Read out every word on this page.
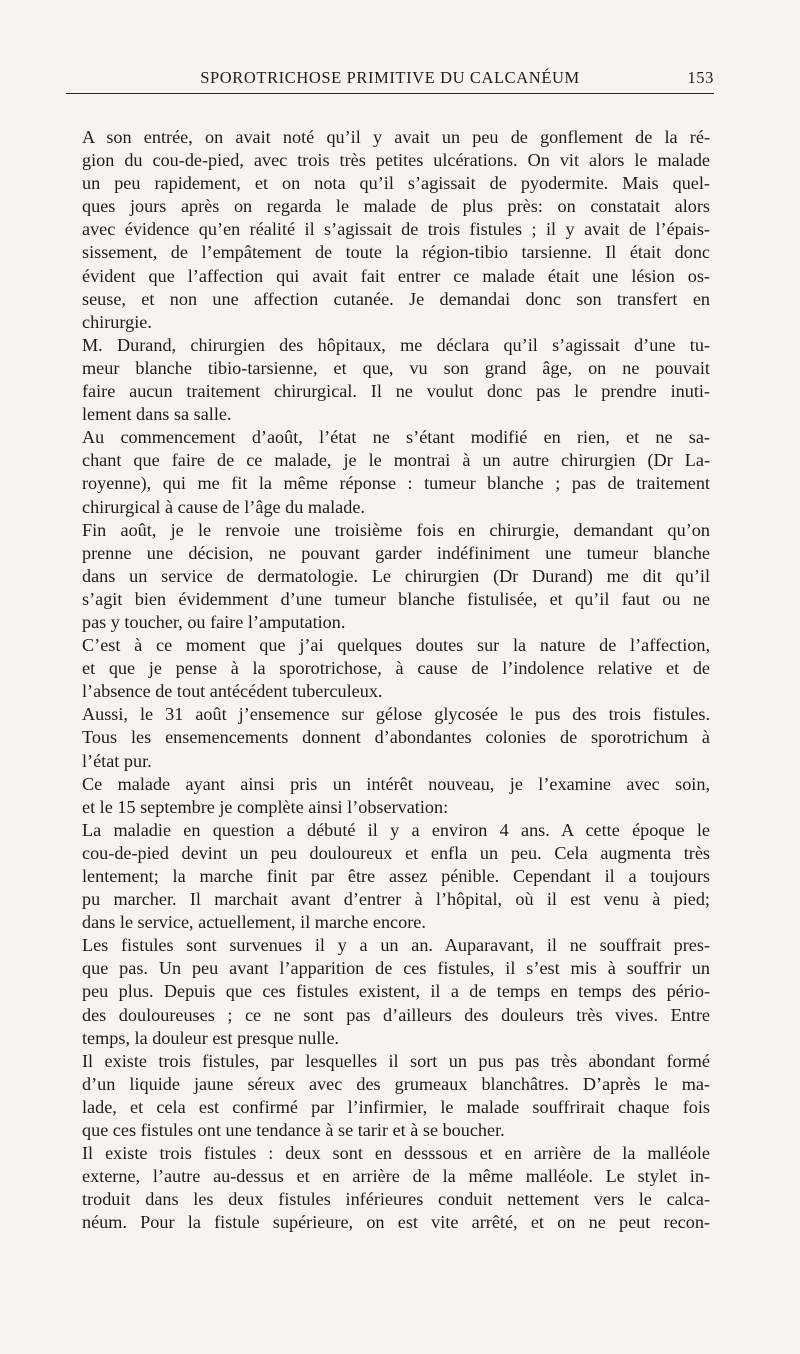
SPOROTRICHOSE PRIMITIVE DU CALCANÉUM	153
A son entrée, on avait noté qu’il y avait un peu de gonflement de la ré-
gion du cou-de-pied, avec trois très petites ulcérations. On vit alors le malade
un peu rapidement, et on nota qu’il s’agissait de pyodermite. Mais quel-
ques jours après on regarda le malade de plus près: on constatait alors
avec évidence qu’en réalité il s’agissait de trois fistules ; il y avait de l’épais-
sissement, de l’empâtement de toute la région-tibio tarsienne. Il était donc
évident que l’affection qui avait fait entrer ce malade était une lésion os-
seuse, et non une affection cutanée. Je demandai donc son transfert en
chirurgie.
M. Durand, chirurgien des hôpitaux, me déclara qu’il s’agissait d’une tu-
meur blanche tibio-tarsienne, et que, vu son grand âge, on ne pouvait
faire aucun traitement chirurgical. Il ne voulut donc pas le prendre inuti-
lement dans sa salle.
Au commencement d’août, l’état ne s’étant modifié en rien, et ne sa-
chant que faire de ce malade, je le montrai à un autre chirurgien (Dr La-
royenne), qui me fit la même réponse : tumeur blanche ; pas de traitement
chirurgical à cause de l’âge du malade.
Fin août, je le renvoie une troisième fois en chirurgie, demandant qu’on
prenne une décision, ne pouvant garder indéfiniment une tumeur blanche
dans un service de dermatologie. Le chirurgien (Dr Durand) me dit qu’il
s’agit bien évidemment d’une tumeur blanche fistulisée, et qu’il faut ou ne
pas y toucher, ou faire l’amputation.
C’est à ce moment que j’ai quelques doutes sur la nature de l’affection,
et que je pense à la sporotrichose, à cause de l’indolence relative et de
l’absence de tout antécédent tuberculeux.
Aussi, le 31 août j’ensemence sur gélose glycosée le pus des trois fistules.
Tous les ensemencements donnent d’abondantes colonies de sporotrichum à
l’état pur.
Ce malade ayant ainsi pris un intérêt nouveau, je l’examine avec soin,
et le 15 septembre je complète ainsi l’observation:
La maladie en question a débuté il y a environ 4 ans. A cette époque le
cou-de-pied devint un peu douloureux et enfla un peu. Cela augmenta très
lentement; la marche finit par être assez pénible. Cependant il a toujours
pu marcher. Il marchait avant d’entrer à l’hôpital, où il est venu à pied;
dans le service, actuellement, il marche encore.
Les fistules sont survenues il y a un an. Auparavant, il ne souffrait pres-
que pas. Un peu avant l’apparition de ces fistules, il s’est mis à souffrir un
peu plus. Depuis que ces fistules existent, il a de temps en temps des pério-
des douloureuses ; ce ne sont pas d’ailleurs des douleurs très vives. Entre
temps, la douleur est presque nulle.
Il existe trois fistules, par lesquelles il sort un pus pas très abondant formé
d’un liquide jaune séreux avec des grumeaux blanchâtres. D’après le ma-
lade, et cela est confirmé par l’infirmier, le malade souffrirait chaque fois
que ces fistules ont une tendance à se tarir et à se boucher.
Il existe trois fistules : deux sont en desssous et en arrière de la malléole
externe, l’autre au-dessus et en arrière de la même malléole. Le stylet in-
troduit dans les deux fistules inférieures conduit nettement vers le calca-
néum. Pour la fistule supérieure, on est vite arrêté, et on ne peut recon-
